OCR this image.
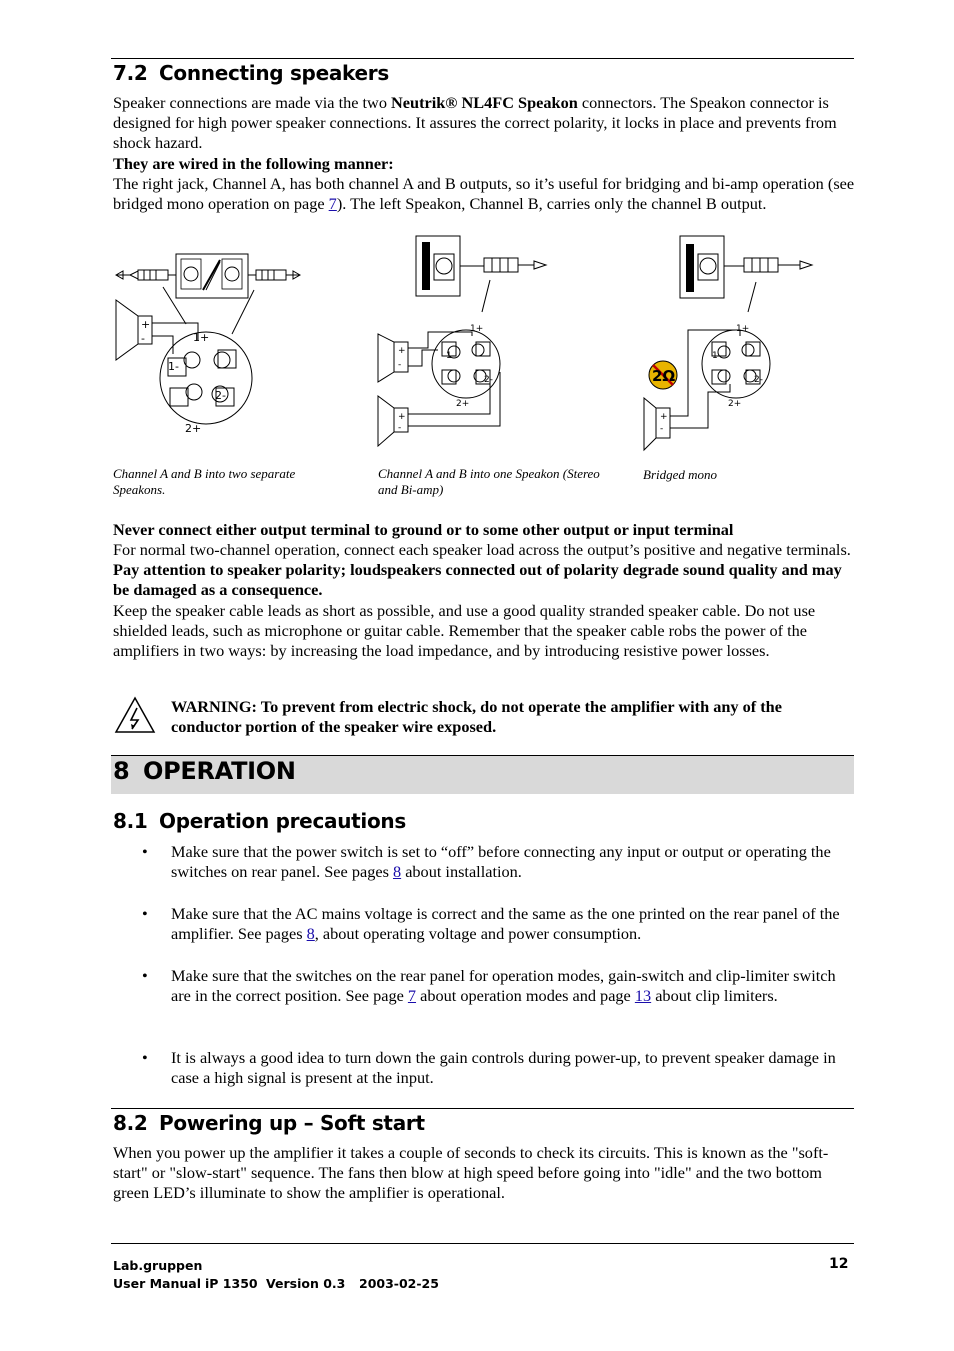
7.2 Connecting speakers

Speaker connections are made via the two Neutrik® NL4FC Speakon connectors. The Speakon connector is designed for high power speaker connections. It assures the correct polarity, it locks in place and prevents from shock hazard.

They are wired in the following manner:

The right jack, Channel A, has both channel A and B outputs, so it’s useful for bridging and bi-amp operation (see bridged mono operation on page 7). The left Speakon, Channel B, carries only the channel B output.

1+
1-
2-
2+
+
-
1+
1-
2-
2+
+
-
+
-
1+
1-
2-
2+
+
-
2Ω

Channel A and B into two separate Speakons.

Channel A and B into one Speakon (Stereo and Bi-amp)

Bridged mono

Never connect either output terminal to ground or to some other output or input terminal

For normal two-channel operation, connect each speaker load across the output’s positive and negative terminals. Pay attention to speaker polarity; loudspeakers connected out of polarity degrade sound quality and may be damaged as a consequence.

Keep the speaker cable leads as short as possible, and use a good quality stranded speaker cable. Do not use shielded leads, such as microphone or guitar cable. Remember that the speaker cable robs the power of the amplifiers in two ways: by increasing the load impedance, and by introducing resistive power losses.

WARNING: To prevent from electric shock, do not operate the amplifier with any of the conductor portion of the speaker wire exposed.

8 OPERATION
8.1 Operation precautions
• Make sure that the power switch is set to “off” before connecting any input or output or operating the switches on rear panel. See pages 8 about installation.

• Make sure that the AC mains voltage is correct and the same as the one printed on the rear panel of the amplifier. See pages 8, about operating voltage and power consumption.

• Make sure that the switches on the rear panel for operation modes, gain-switch and clip-limiter switch are in the correct position. See page 7 about operation modes and page 13 about clip limiters.

• It is always a good idea to turn down the gain controls during power-up, to prevent speaker damage in case a high signal is present at the input.

8.2 Powering up – Soft start

When you power up the amplifier it takes a couple of seconds to check its circuits. This is known as the "soft-start" or "slow-start" sequence. The fans then blow at high speed before going into "idle" and the two bottom green LED’s illuminate to show the amplifier is operational.

Lab.gruppen

User Manual iP 1350 Version 0.3 2003-02-25

12
